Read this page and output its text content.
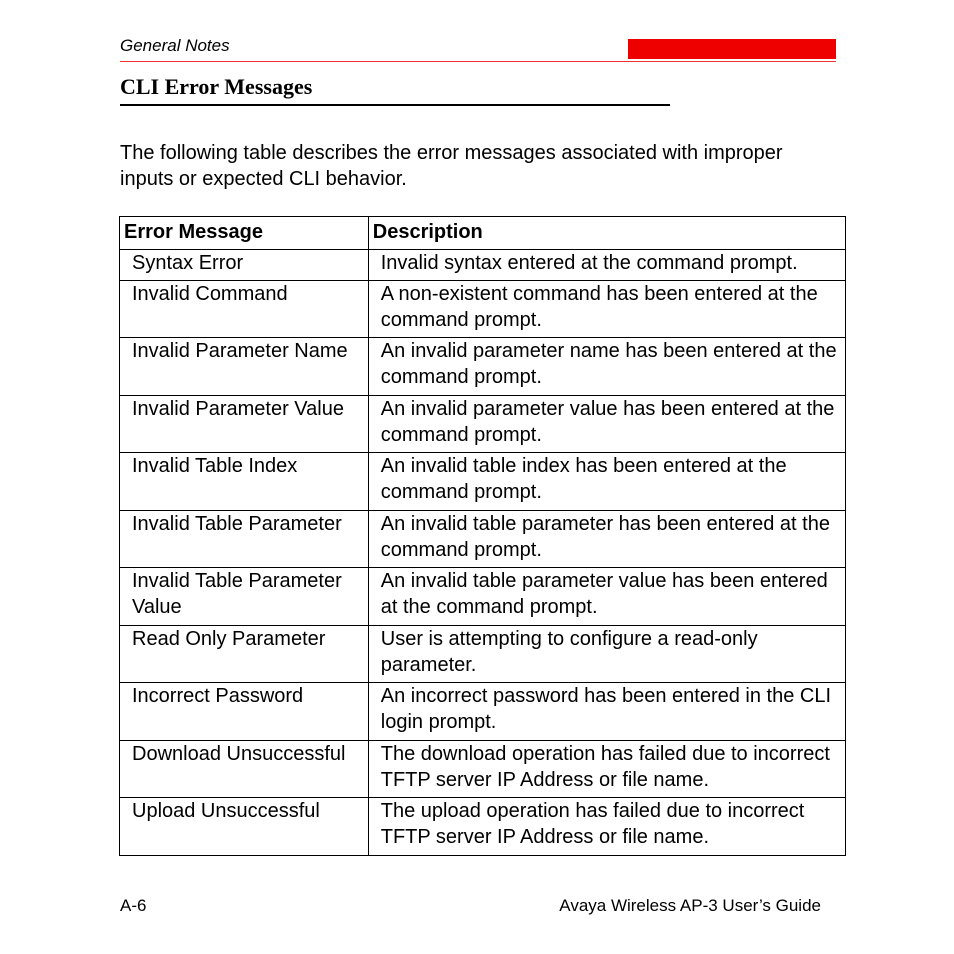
General Notes
CLI Error Messages
The following table describes the error messages associated with improper inputs or expected CLI behavior.
Error Message	Description
Syntax Error	Invalid syntax entered at the command prompt.
Invalid Command	A non-existent command has been entered at the command prompt.
Invalid Parameter Name	An invalid parameter name has been entered at the command prompt.
Invalid Parameter Value	An invalid parameter value has been entered at the command prompt.
Invalid Table Index	An invalid table index has been entered at the command prompt.
Invalid Table Parameter	An invalid table parameter has been entered at the command prompt.
Invalid Table Parameter Value	An invalid table parameter value has been entered at the command prompt.
Read Only Parameter	User is attempting to configure a read-only parameter.
Incorrect Password	An incorrect password has been entered in the CLI login prompt.
Download Unsuccessful	The download operation has failed due to incorrect TFTP server IP Address or file name.
Upload Unsuccessful	The upload operation has failed due to incorrect TFTP server IP Address or file name.
A-6	Avaya Wireless AP-3 User’s Guide
